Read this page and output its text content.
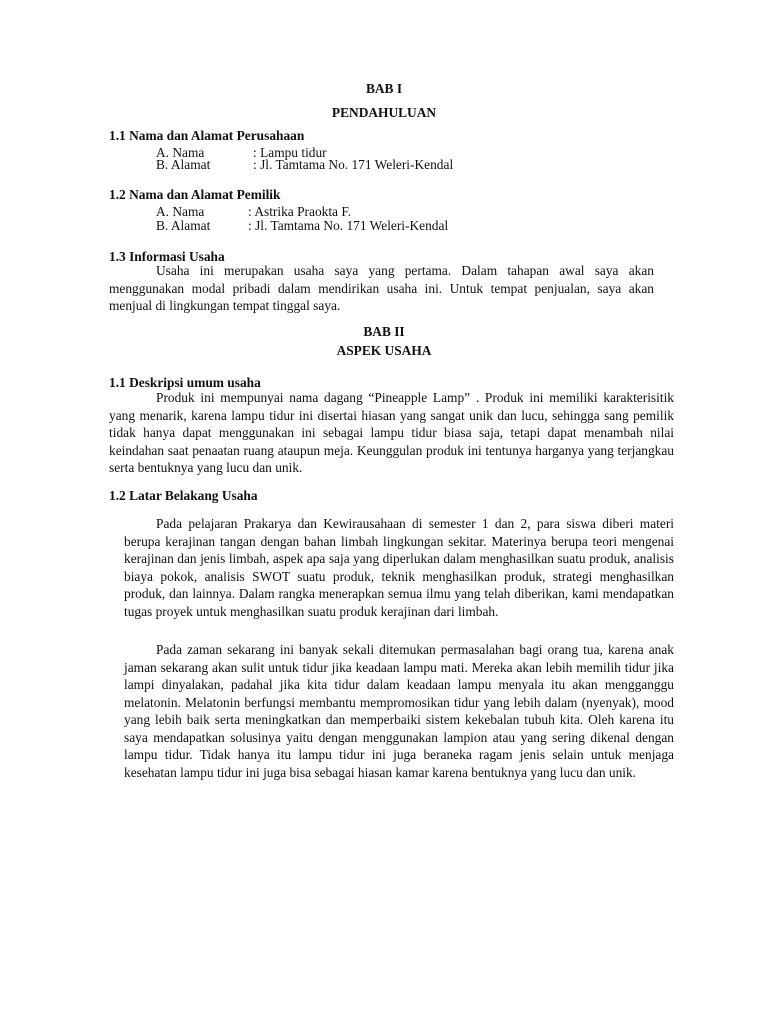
BAB I
PENDAHULUAN
1.1 Nama dan Alamat Perusahaan
A. Nama	: Lampu tidur
B. Alamat	: Jl. Tamtama No. 171 Weleri-Kendal
1.2 Nama dan Alamat Pemilik
A. Nama	: Astrika Praokta F.
B. Alamat	: Jl. Tamtama No. 171 Weleri-Kendal
1.3 Informasi Usaha
Usaha ini merupakan usaha saya yang pertama. Dalam tahapan awal saya akan menggunakan modal pribadi dalam mendirikan usaha ini. Untuk tempat penjualan, saya akan menjual di lingkungan tempat tinggal saya.
BAB II
ASPEK USAHA
1.1 Deskripsi umum usaha
Produk ini mempunyai nama dagang “Pineapple Lamp” . Produk ini memiliki karakterisitik yang menarik, karena lampu tidur ini disertai hiasan yang sangat unik dan lucu, sehingga sang pemilik tidak hanya dapat menggunakan ini sebagai lampu tidur biasa saja, tetapi dapat menambah nilai keindahan saat penaatan ruang ataupun meja. Keunggulan produk ini tentunya harganya yang terjangkau serta bentuknya yang lucu dan unik.
1.2 Latar Belakang Usaha
Pada pelajaran Prakarya dan Kewirausahaan di semester 1 dan 2, para siswa diberi materi berupa kerajinan tangan dengan bahan limbah lingkungan sekitar. Materinya berupa teori mengenai kerajinan dan jenis limbah, aspek apa saja yang diperlukan dalam menghasilkan suatu produk, analisis biaya pokok, analisis SWOT suatu produk, teknik menghasilkan produk, strategi menghasilkan produk, dan lainnya. Dalam rangka menerapkan semua ilmu yang telah diberikan, kami mendapatkan tugas proyek untuk menghasilkan suatu produk kerajinan dari limbah.
Pada zaman sekarang ini banyak sekali ditemukan permasalahan bagi orang tua, karena anak jaman sekarang akan sulit untuk tidur jika keadaan lampu mati. Mereka akan lebih memilih tidur jika lampi dinyalakan, padahal jika kita tidur dalam keadaan lampu menyala itu akan mengganggu melatonin. Melatonin berfungsi membantu mempromosikan tidur yang lebih dalam (nyenyak), mood yang lebih baik serta meningkatkan dan memperbaiki sistem kekebalan tubuh kita. Oleh karena itu saya mendapatkan solusinya yaitu dengan menggunakan lampion atau yang sering dikenal dengan lampu tidur. Tidak hanya itu lampu tidur ini juga beraneka ragam jenis selain untuk menjaga kesehatan lampu tidur ini juga bisa sebagai hiasan kamar karena bentuknya yang lucu dan unik.
